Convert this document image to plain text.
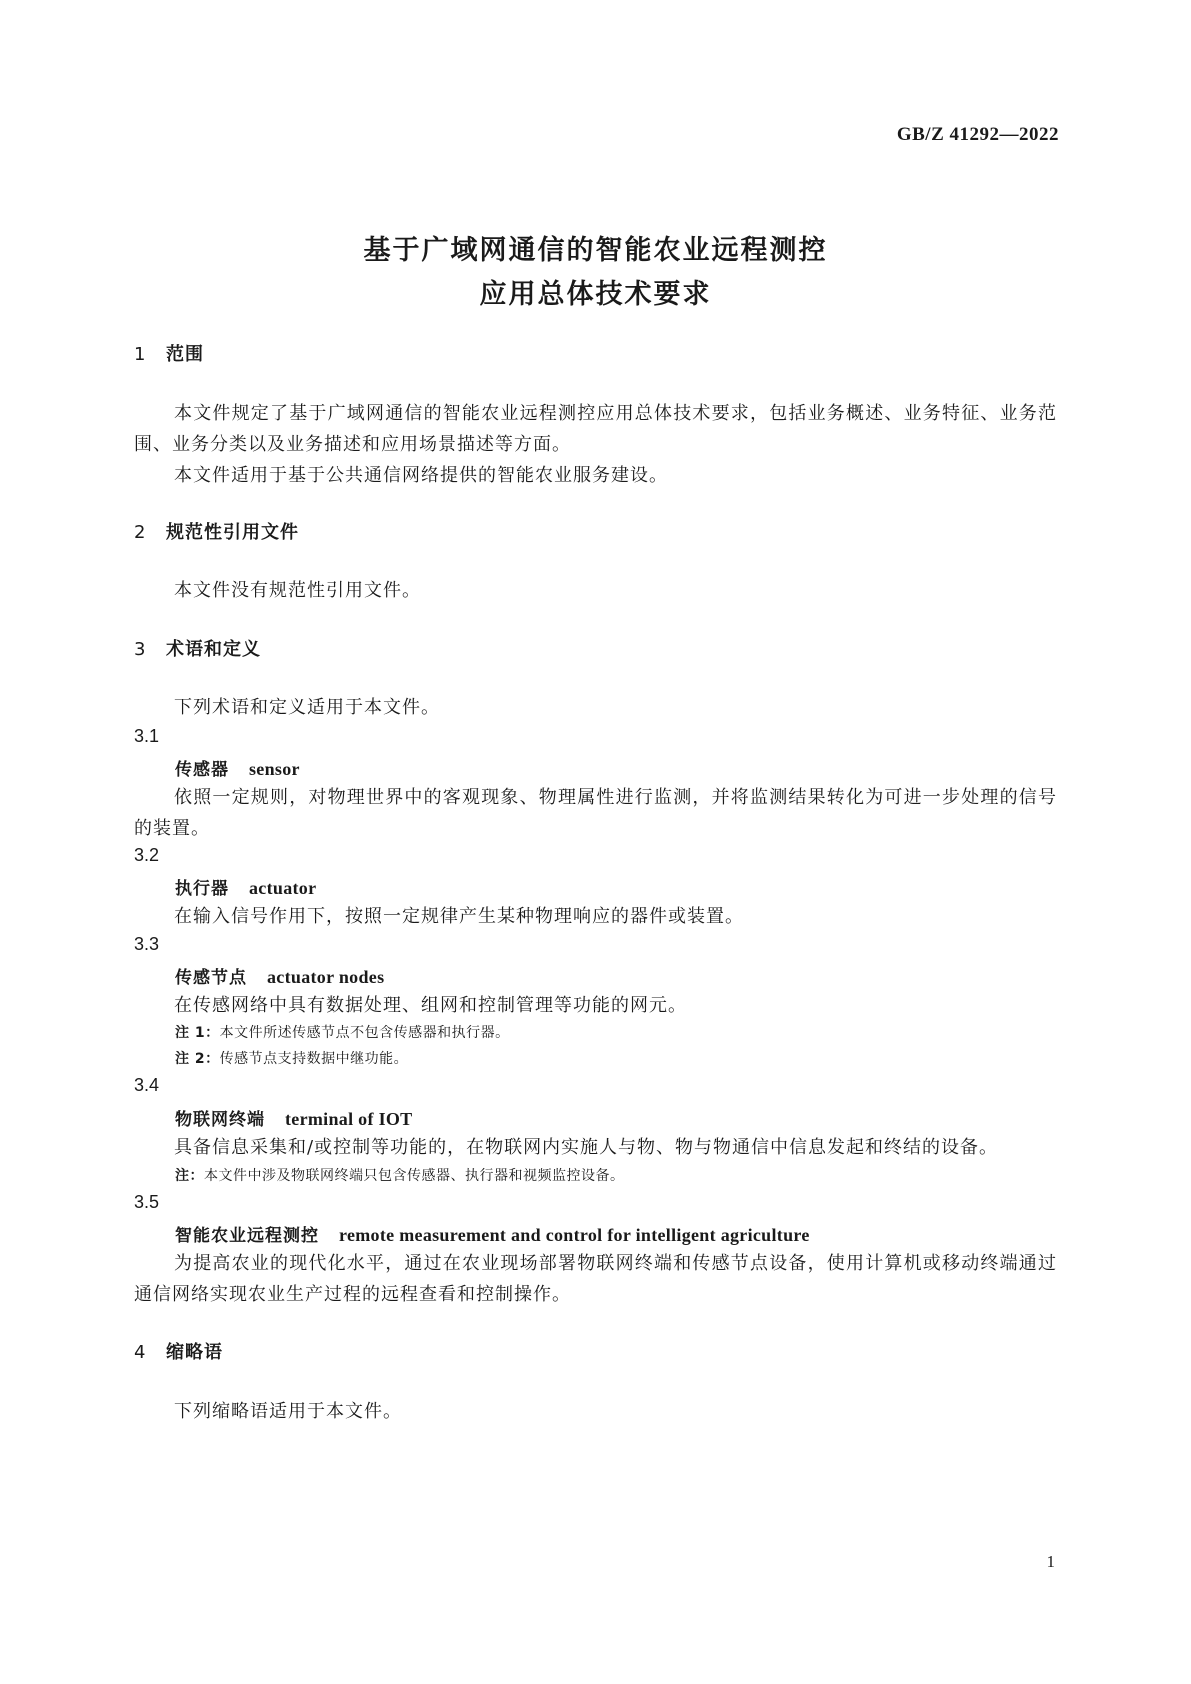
GB/Z 41292—2022
基于广域网通信的智能农业远程测控
应用总体技术要求
1 范围
本文件规定了基于广域网通信的智能农业远程测控应用总体技术要求，包括业务概述、业务特征、业务范围、业务分类以及业务描述和应用场景描述等方面。
本文件适用于基于公共通信网络提供的智能农业服务建设。
2 规范性引用文件
本文件没有规范性引用文件。
3 术语和定义
下列术语和定义适用于本文件。
3.1
传感器 sensor
依照一定规则，对物理世界中的客观现象、物理属性进行监测，并将监测结果转化为可进一步处理的信号的装置。
3.2
执行器 actuator
在输入信号作用下，按照一定规律产生某种物理响应的器件或装置。
3.3
传感节点 actuator nodes
在传感网络中具有数据处理、组网和控制管理等功能的网元。
注 1：本文件所述传感节点不包含传感器和执行器。
注 2：传感节点支持数据中继功能。
3.4
物联网终端 terminal of IOT
具备信息采集和/或控制等功能的，在物联网内实施人与物、物与物通信中信息发起和终结的设备。
注：本文件中涉及物联网终端只包含传感器、执行器和视频监控设备。
3.5
智能农业远程测控 remote measurement and control for intelligent agriculture
为提高农业的现代化水平，通过在农业现场部署物联网终端和传感节点设备，使用计算机或移动终端通过通信网络实现农业生产过程的远程查看和控制操作。
4 缩略语
下列缩略语适用于本文件。
1
